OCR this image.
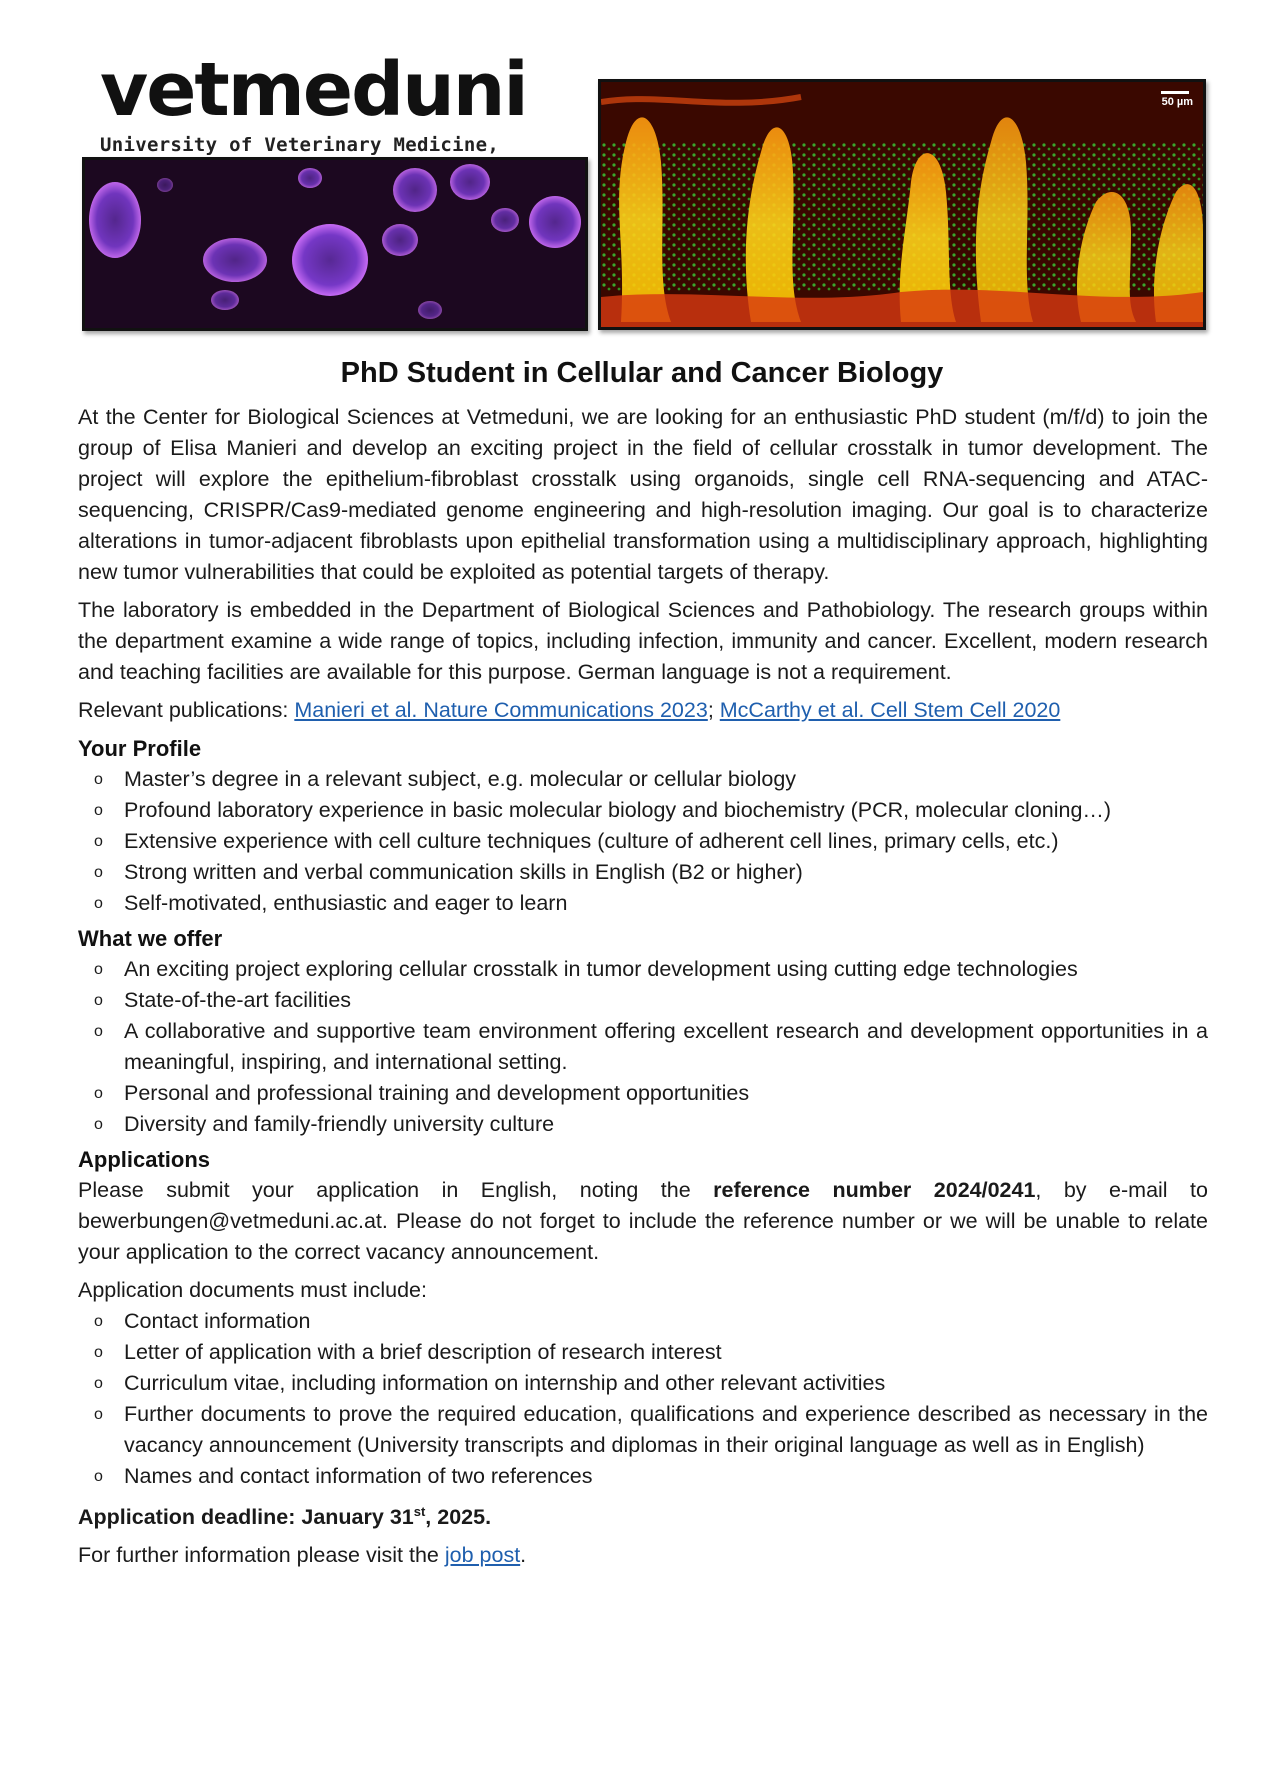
vetmeduni
University of Veterinary Medicine,
50 µm
PhD Student in Cellular and Cancer Biology

At the Center for Biological Sciences at Vetmeduni, we are looking for an enthusiastic PhD student (m/f/d) to join the group of Elisa Manieri and develop an exciting project in the field of cellular crosstalk in tumor development. The project will explore the epithelium-fibroblast crosstalk using organoids, single cell RNA-sequencing and ATAC-sequencing, CRISPR/Cas9-mediated genome engineering and high-resolution imaging. Our goal is to characterize alterations in tumor-adjacent fibroblasts upon epithelial transformation using a multidisciplinary approach, highlighting new tumor vulnerabilities that could be exploited as potential targets of therapy.

The laboratory is embedded in the Department of Biological Sciences and Pathobiology. The research groups within the department examine a wide range of topics, including infection, immunity and cancer. Excellent, modern research and teaching facilities are available for this purpose. German language is not a requirement.

Relevant publications: Manieri et al. Nature Communications 2023; McCarthy et al. Cell Stem Cell 2020

Your Profile
o Master’s degree in a relevant subject, e.g. molecular or cellular biology
o Profound laboratory experience in basic molecular biology and biochemistry (PCR, molecular cloning…)
o Extensive experience with cell culture techniques (culture of adherent cell lines, primary cells, etc.)
o Strong written and verbal communication skills in English (B2 or higher)
o Self-motivated, enthusiastic and eager to learn
What we offer
o An exciting project exploring cellular crosstalk in tumor development using cutting edge technologies
o State-of-the-art facilities
o A collaborative and supportive team environment offering excellent research and development opportunities in a meaningful, inspiring, and international setting.
o Personal and professional training and development opportunities
o Diversity and family-friendly university culture
Applications

Please submit your application in English, noting the reference number 2024/0241, by e-mail to bewerbungen@vetmeduni.ac.at. Please do not forget to include the reference number or we will be unable to relate your application to the correct vacancy announcement.

Application documents must include:

o Contact information
o Letter of application with a brief description of research interest
o Curriculum vitae, including information on internship and other relevant activities
o Further documents to prove the required education, qualifications and experience described as necessary in the vacancy announcement (University transcripts and diplomas in their original language as well as in English)
o Names and contact information of two references

Application deadline: January 31st, 2025.

For further information please visit the job post.
